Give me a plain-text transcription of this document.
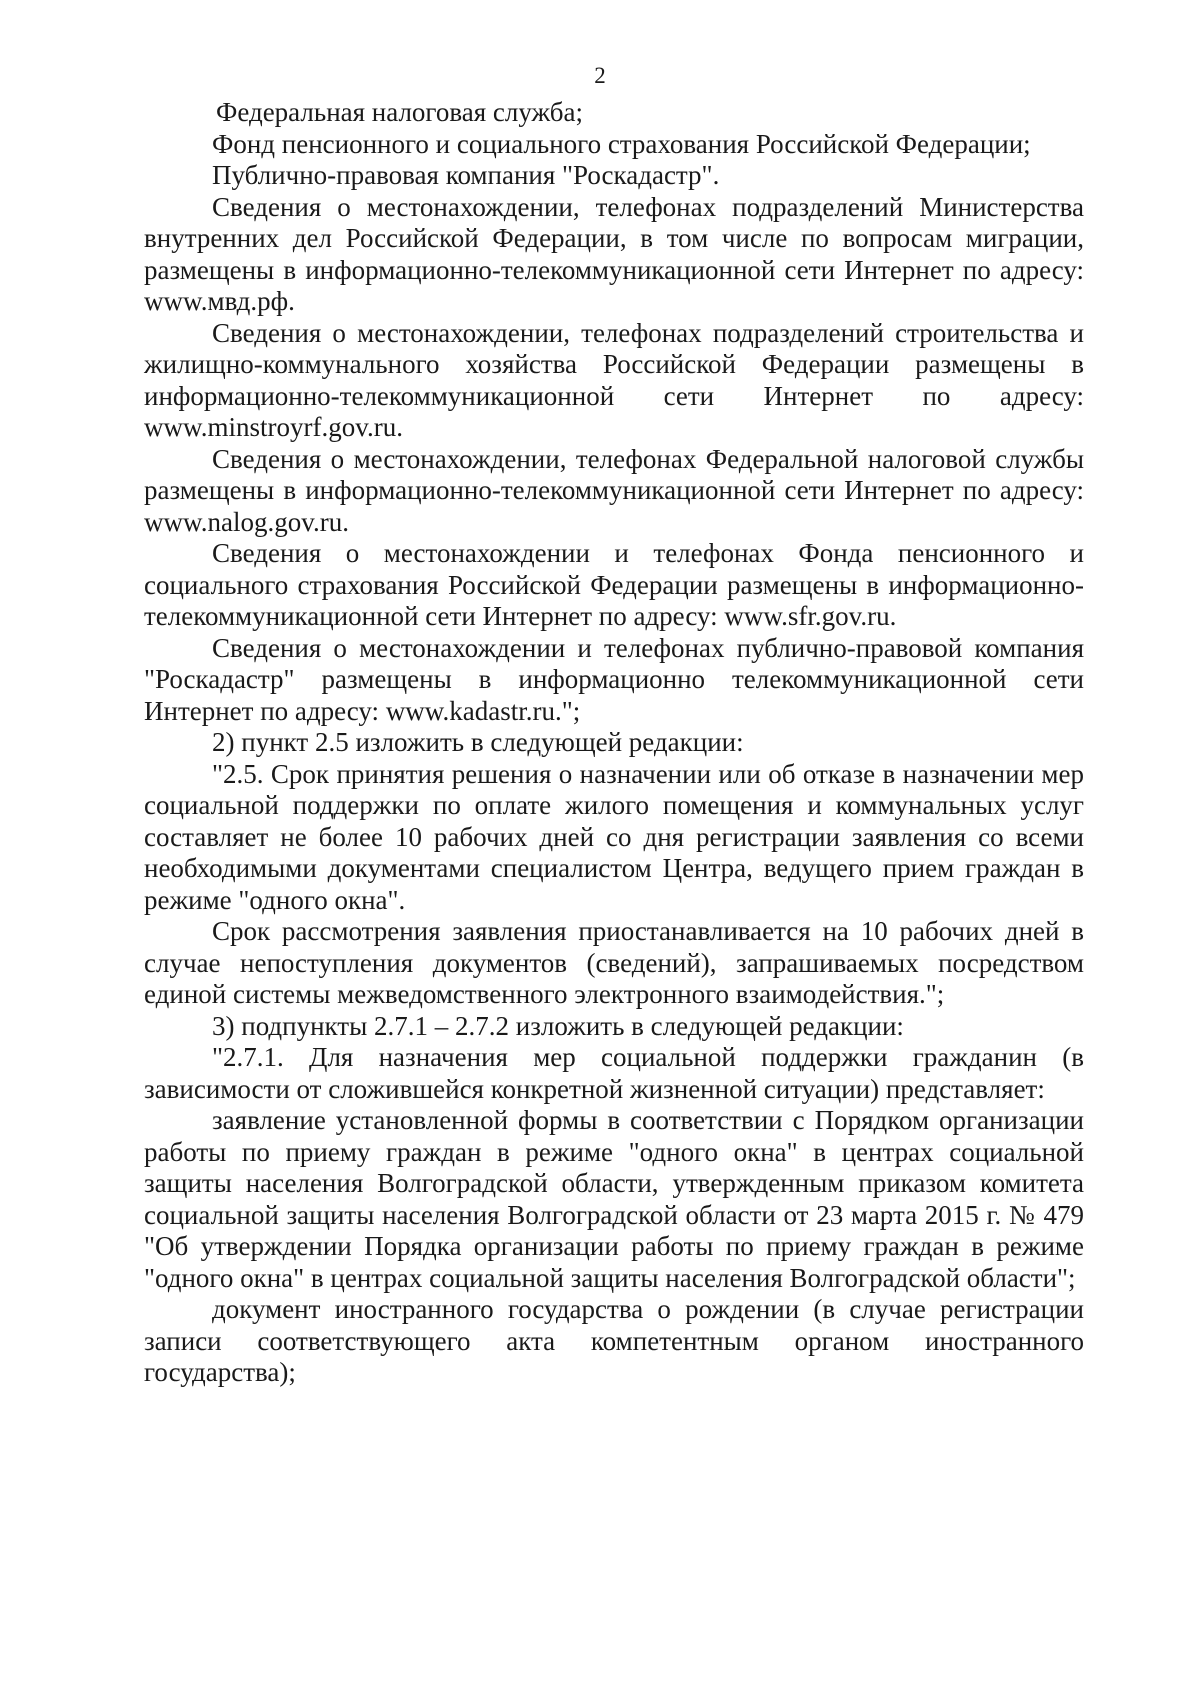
2

Федеральная налоговая служба;

Фонд пенсионного и социального страхования Российской Федерации;

Публично-правовая компания "Роскадастр".

Сведения о местонахождении, телефонах подразделений Министерства внутренних дел Российской Федерации, в том числе по вопросам миграции, размещены в информационно-телекоммуникационной сети Интернет по адресу: www.мвд.рф.

Сведения о местонахождении, телефонах подразделений строительства и жилищно-коммунального хозяйства Российской Федерации размещены в информационно-телекоммуникационной сети Интернет по адресу: www.minstroyrf.gov.ru.

Сведения о местонахождении, телефонах Федеральной налоговой службы размещены в информационно-телекоммуникационной сети Интернет по адресу: www.nalog.gov.ru.

Сведения о местонахождении и телефонах Фонда пенсионного и социального страхования Российской Федерации размещены в информационно-телекоммуникационной сети Интернет по адресу: www.sfr.gov.ru.

Сведения о местонахождении и телефонах публично-правовой компания "Роскадастр" размещены в информационно телекоммуникационной сети Интернет по адресу: www.kadastr.ru.";

2) пункт 2.5 изложить в следующей редакции:

"2.5. Срок принятия решения о назначении или об отказе в назначении мер социальной поддержки по оплате жилого помещения и коммунальных услуг составляет не более 10 рабочих дней со дня регистрации заявления со всеми необходимыми документами специалистом Центра, ведущего прием граждан в режиме "одного окна".

Срок рассмотрения заявления приостанавливается на 10 рабочих дней в случае непоступления документов (сведений), запрашиваемых посредством единой системы межведомственного электронного взаимодействия.";

3) подпункты 2.7.1 – 2.7.2 изложить в следующей редакции:

"2.7.1. Для назначения мер социальной поддержки гражданин (в зависимости от сложившейся конкретной жизненной ситуации) представляет:

заявление установленной формы в соответствии с Порядком организации работы по приему граждан в режиме "одного окна" в центрах социальной защиты населения Волгоградской области, утвержденным приказом комитета социальной защиты населения Волгоградской области от 23 марта 2015 г. № 479 "Об утверждении Порядка организации работы по приему граждан в режиме "одного окна" в центрах социальной защиты населения Волгоградской области";

документ иностранного государства о рождении (в случае регистрации записи соответствующего акта компетентным органом иностранного государства);
